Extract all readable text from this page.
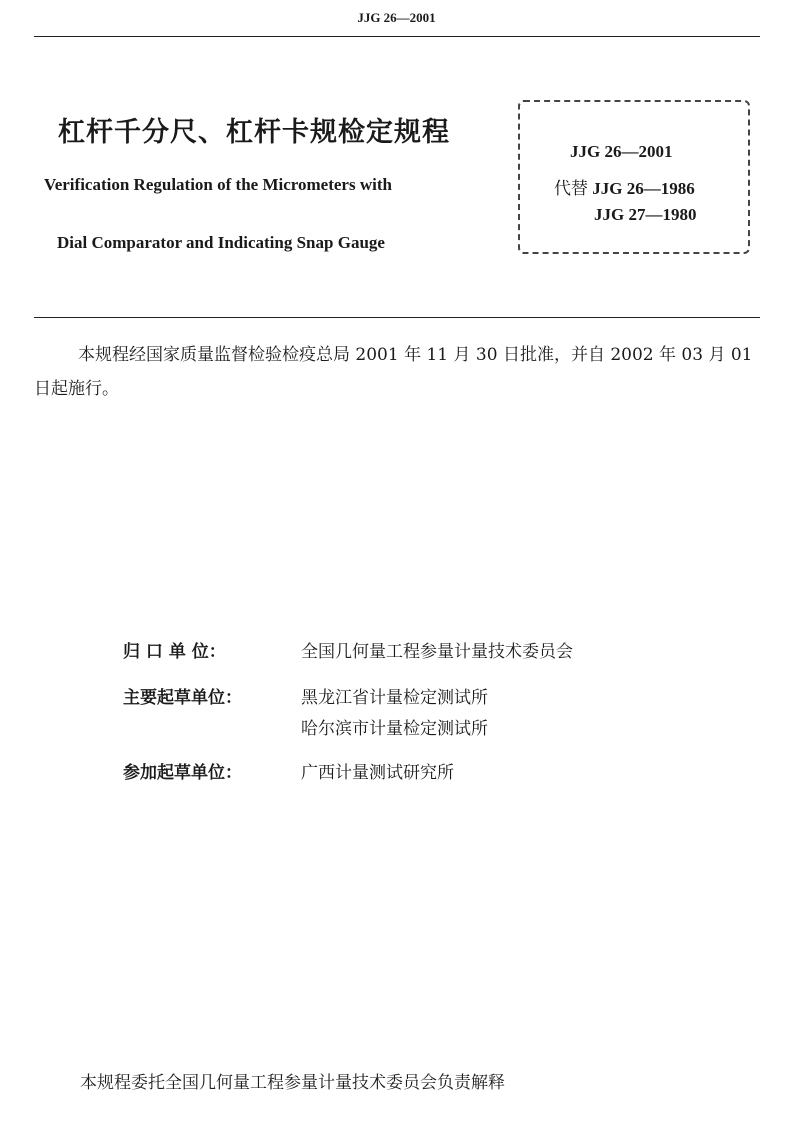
JJG 26—2001
杠杆千分尺、杠杆卡规检定规程
Verification Regulation of the Micrometers with
Dial Comparator and Indicating Snap Gauge
JJG 26—2001
代替 JJG 26—1986
JJG 27—1980
本规程经国家质量监督检验检疫总局 2001 年 11 月 30 日批准，并自 2002 年 03 月 01 日起施行。
归 口 单 位：	全国几何量工程参量计量技术委员会
主要起草单位：	黑龙江省计量检定测试所
哈尔滨市计量检定测试所
参加起草单位：	广西计量测试研究所
本规程委托全国几何量工程参量计量技术委员会负责解释
